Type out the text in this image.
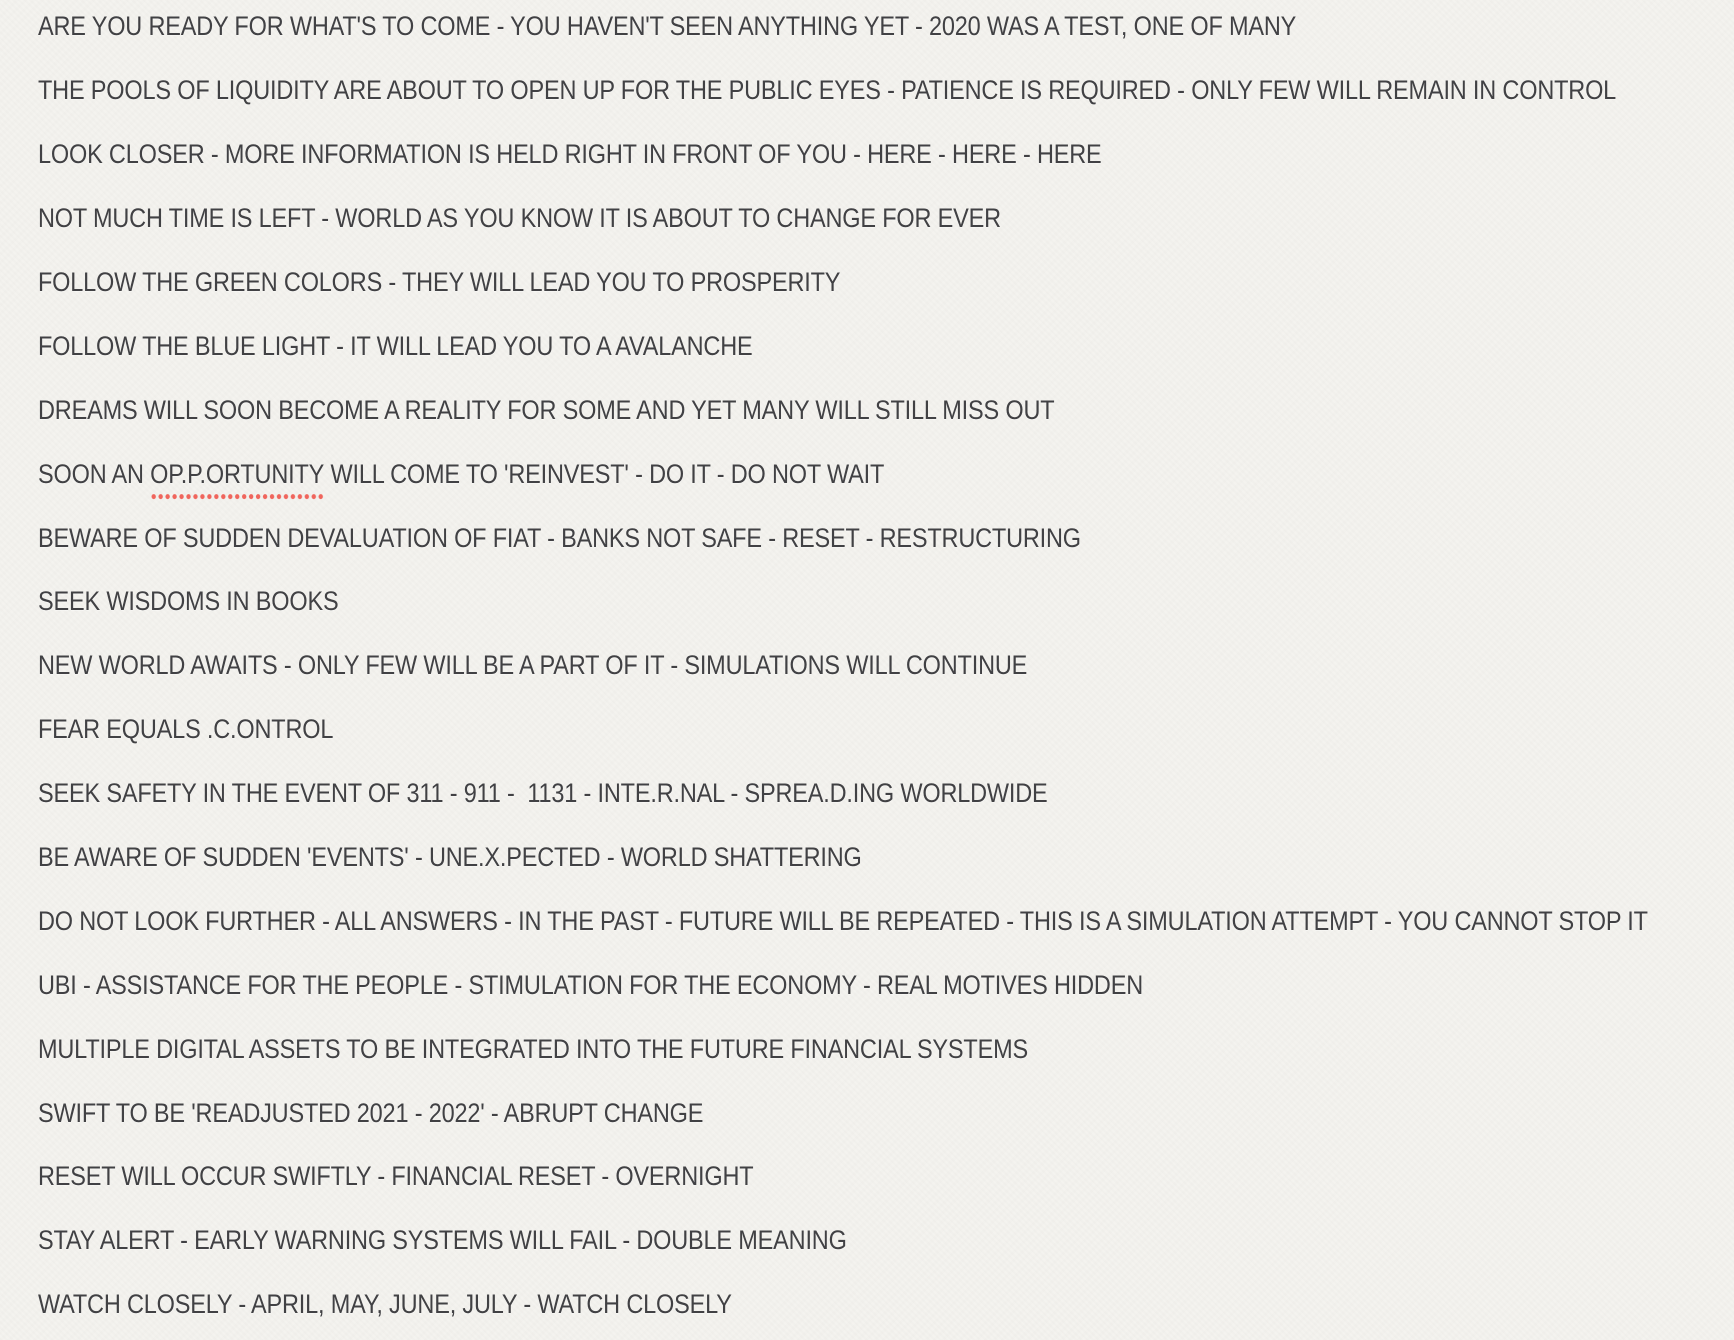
ARE YOU READY FOR WHAT'S TO COME - YOU HAVEN'T SEEN ANYTHING YET - 2020 WAS A TEST, ONE OF MANY

THE POOLS OF LIQUIDITY ARE ABOUT TO OPEN UP FOR THE PUBLIC EYES - PATIENCE IS REQUIRED - ONLY FEW WILL REMAIN IN CONTROL

LOOK CLOSER - MORE INFORMATION IS HELD RIGHT IN FRONT OF YOU - HERE - HERE - HERE

NOT MUCH TIME IS LEFT - WORLD AS YOU KNOW IT IS ABOUT TO CHANGE FOR EVER

FOLLOW THE GREEN COLORS - THEY WILL LEAD YOU TO PROSPERITY

FOLLOW THE BLUE LIGHT - IT WILL LEAD YOU TO A AVALANCHE

DREAMS WILL SOON BECOME A REALITY FOR SOME AND YET MANY WILL STILL MISS OUT

SOON AN OP.P.ORTUNITY WILL COME TO 'REINVEST' - DO IT - DO NOT WAIT

BEWARE OF SUDDEN DEVALUATION OF FIAT - BANKS NOT SAFE - RESET - RESTRUCTURING

SEEK WISDOMS IN BOOKS

NEW WORLD AWAITS - ONLY FEW WILL BE A PART OF IT - SIMULATIONS WILL CONTINUE

FEAR EQUALS .C.ONTROL

SEEK SAFETY IN THE EVENT OF 311 - 911 -  1131 - INTE.R.NAL - SPREA.D.ING WORLDWIDE

BE AWARE OF SUDDEN 'EVENTS' - UNE.X.PECTED - WORLD SHATTERING

DO NOT LOOK FURTHER - ALL ANSWERS - IN THE PAST - FUTURE WILL BE REPEATED - THIS IS A SIMULATION ATTEMPT - YOU CANNOT STOP IT

UBI - ASSISTANCE FOR THE PEOPLE - STIMULATION FOR THE ECONOMY - REAL MOTIVES HIDDEN

MULTIPLE DIGITAL ASSETS TO BE INTEGRATED INTO THE FUTURE FINANCIAL SYSTEMS

SWIFT TO BE 'READJUSTED 2021 - 2022' - ABRUPT CHANGE

RESET WILL OCCUR SWIFTLY - FINANCIAL RESET - OVERNIGHT

STAY ALERT - EARLY WARNING SYSTEMS WILL FAIL - DOUBLE MEANING

WATCH CLOSELY - APRIL, MAY, JUNE, JULY - WATCH CLOSELY
